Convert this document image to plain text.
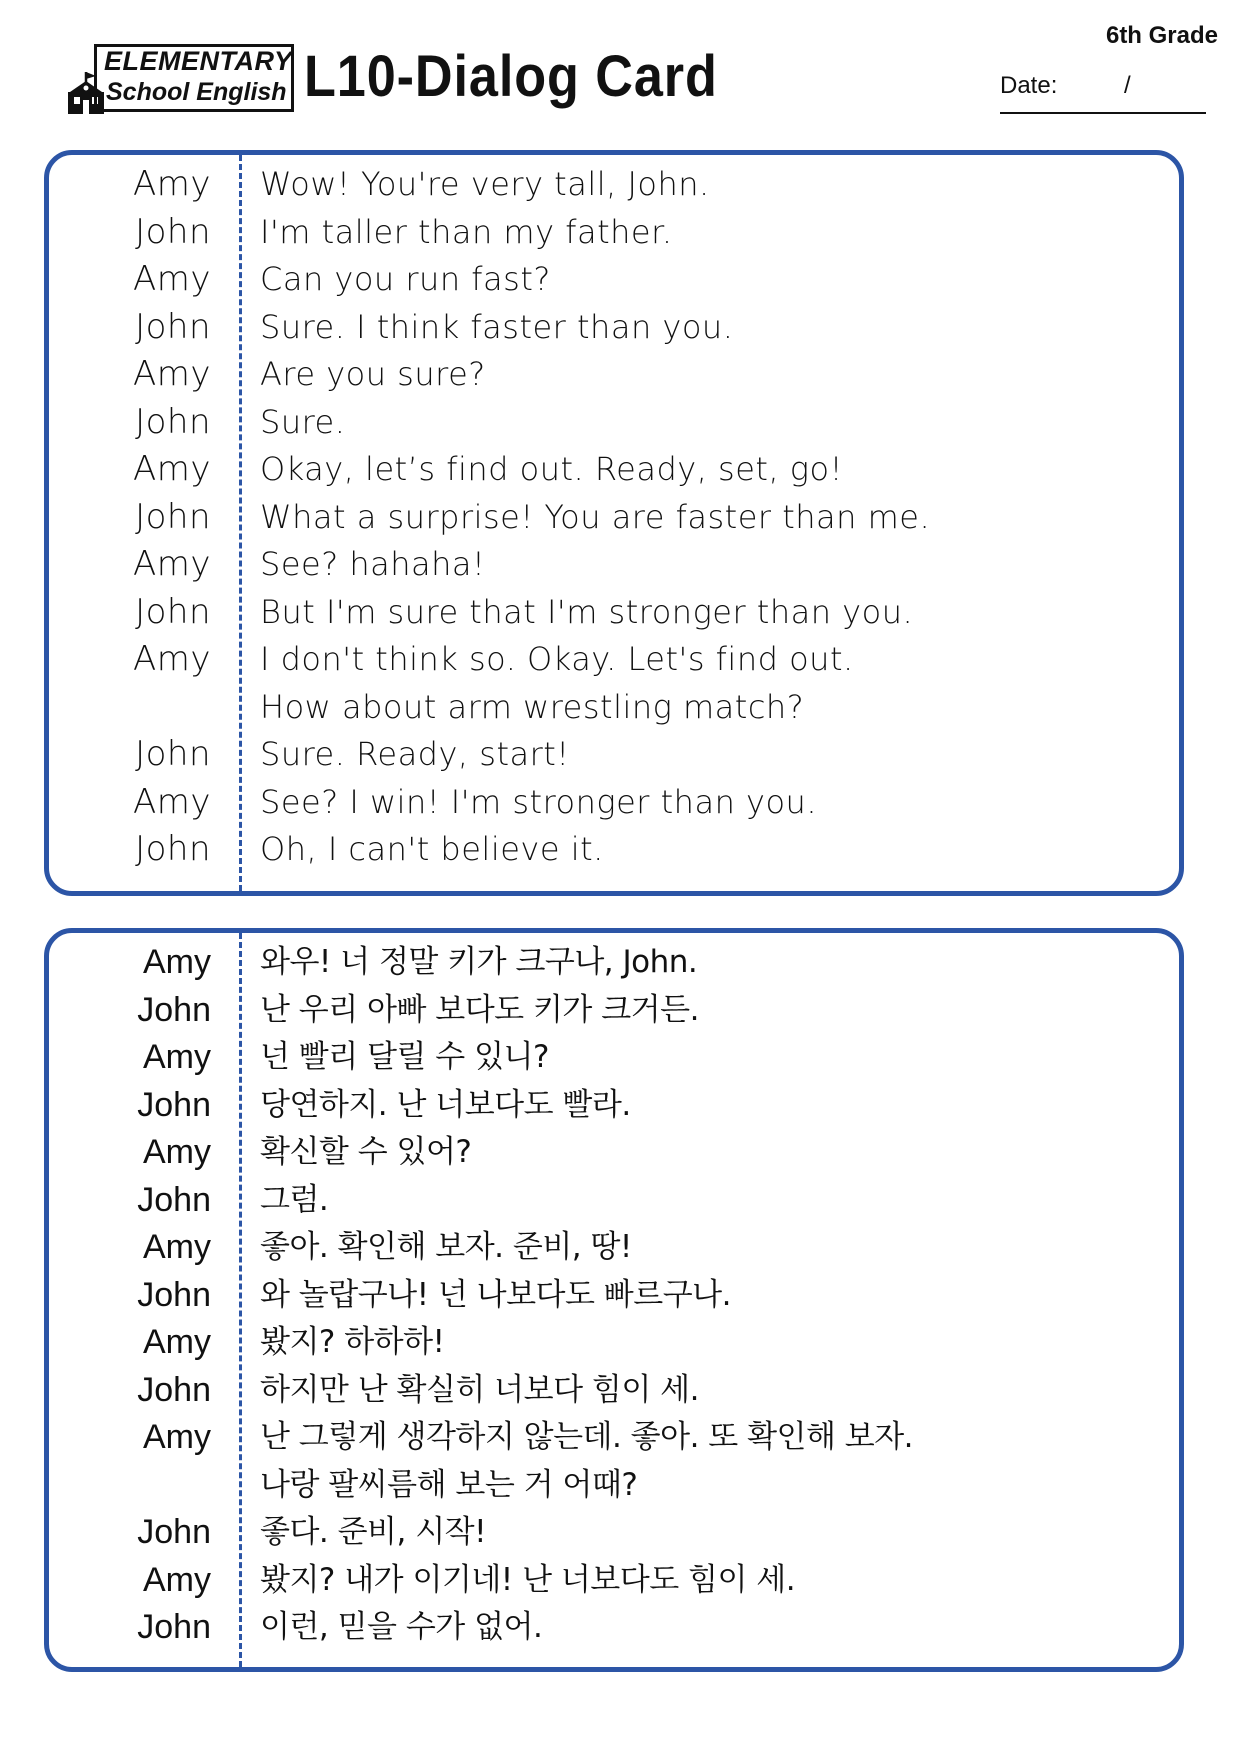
ELEMENTARY
School English L10-Dialog Card

6th Grade

Date:	/
Amy Wow! You're very tall, John.
John I'm taller than my father.
Amy Can you run fast?
John Sure. I think faster than you.
Amy Are you sure?
John Sure.
Amy Okay, let’s find out. Ready, set, go!
John What a surprise! You are faster than me.
Amy See? hahaha!
John But I'm sure that I'm stronger than you.
Amy I don't think so. Okay. Let's find out.
How about arm wrestling match?
John Sure. Ready, start!
Amy See? I win! I'm stronger than you.
John Oh, I can't believe it.
Amy 와우! 너 정말 키가 크구나, John.
John 난 우리 아빠 보다도 키가 크거든.
Amy 넌 빨리 달릴 수 있니?
John 당연하지. 난 너보다도 빨라.
Amy 확신할 수 있어?
John 그럼.
Amy 좋아. 확인해 보자. 준비, 땅!
John 와 놀랍구나! 넌 나보다도 빠르구나.
Amy 봤지? 하하하!
John 하지만 난 확실히 너보다 힘이 세.
Amy 난 그렇게 생각하지 않는데. 좋아. 또 확인해 보자.
나랑 팔씨름해 보는 거 어때?
John 좋다. 준비, 시작!
Amy 봤지? 내가 이기네! 난 너보다도 힘이 세.
John 이런, 믿을 수가 없어.
